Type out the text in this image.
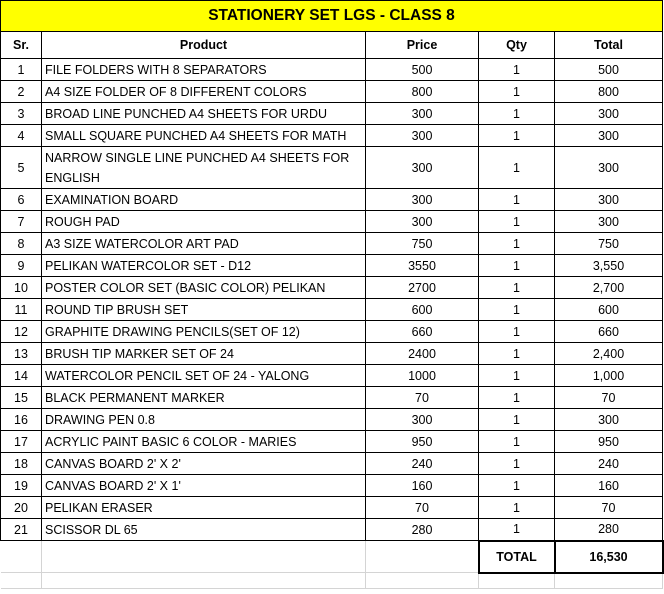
STATIONERY SET LGS - CLASS 8				
Sr.	Product	Price	Qty	Total
1	FILE FOLDERS WITH 8 SEPARATORS	500	1	500
2	A4 SIZE FOLDER OF 8 DIFFERENT COLORS	800	1	800
3	BROAD LINE PUNCHED A4 SHEETS FOR URDU	300	1	300
4	SMALL SQUARE PUNCHED A4 SHEETS FOR MATH	300	1	300
5	NARROW SINGLE LINE PUNCHED A4 SHEETS FOR ENGLISH	300	1	300
6	EXAMINATION BOARD	300	1	300
7	ROUGH PAD	300	1	300
8	A3 SIZE WATERCOLOR ART PAD	750	1	750
9	PELIKAN WATERCOLOR SET - D12	3550	1	3,550
10	POSTER COLOR SET (BASIC COLOR) PELIKAN	2700	1	2,700
11	ROUND TIP BRUSH SET	600	1	600
12	GRAPHITE DRAWING PENCILS(SET OF 12)	660	1	660
13	BRUSH TIP MARKER SET OF 24	2400	1	2,400
14	WATERCOLOR PENCIL SET OF 24 - YALONG	1000	1	1,000
15	BLACK PERMANENT MARKER	70	1	70
16	DRAWING PEN 0.8	300	1	300
17	ACRYLIC PAINT BASIC 6 COLOR - MARIES	950	1	950
18	CANVAS BOARD 2' X 2'	240	1	240
19	CANVAS BOARD 2' X 1'	160	1	160
20	PELIKAN ERASER	70	1	70
21	SCISSOR DL 65	280	1	280
			TOTAL	16,530
